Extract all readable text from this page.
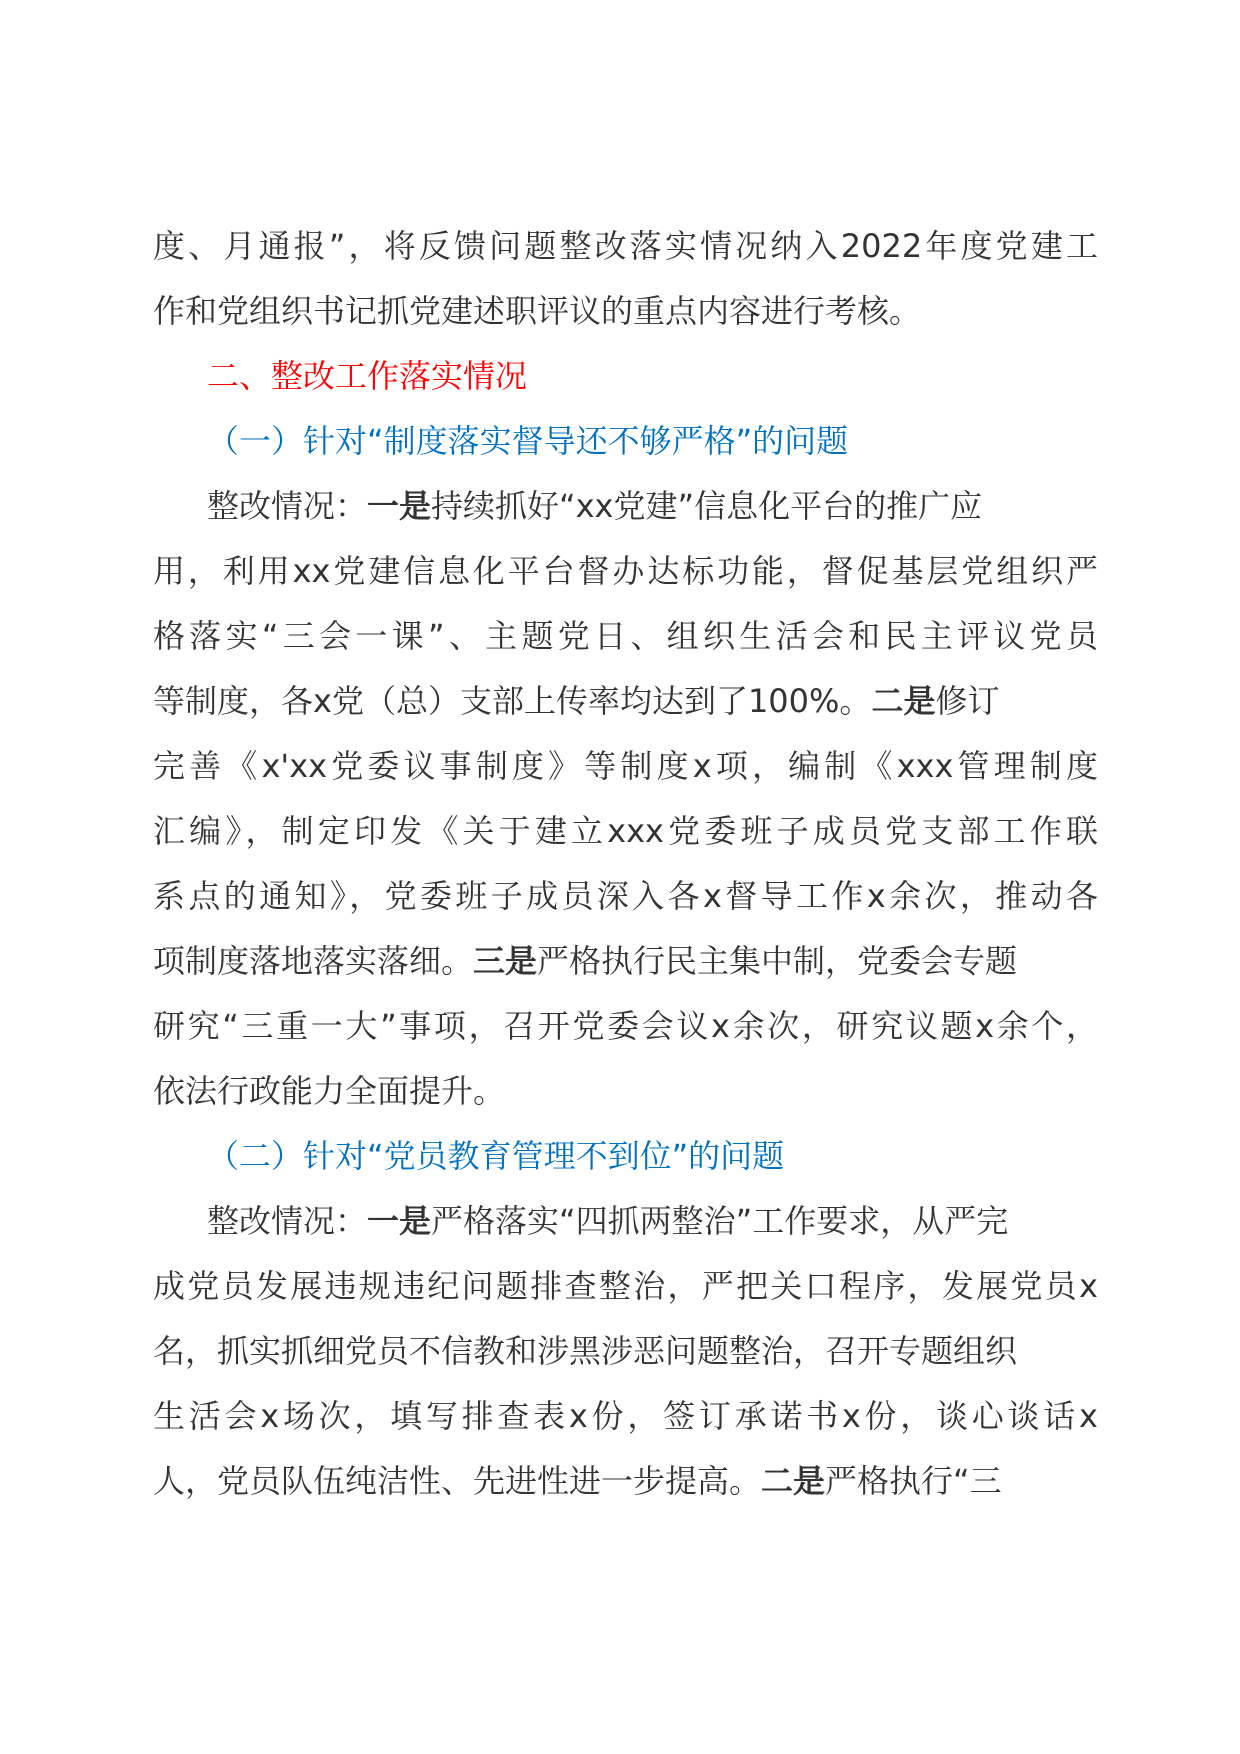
度、月通报”，将反馈问题整改落实情况纳入2022年度党建工
作和党组织书记抓党建述职评议的重点内容进行考核。
二、整改工作落实情况
（一）针对“制度落实督导还不够严格”的问题
整改情况：一是持续抓好“xx党建”信息化平台的推广应
用，利用xx党建信息化平台督办达标功能，督促基层党组织严
格落实“三会一课”、主题党日、组织生活会和民主评议党员
等制度，各x党（总）支部上传率均达到了100%。二是修订
完善《x'xx党委议事制度》等制度x项，编制《xxx管理制度
汇编》，制定印发《关于建立xxx党委班子成员党支部工作联
系点的通知》，党委班子成员深入各x督导工作x余次，推动各
项制度落地落实落细。三是严格执行民主集中制，党委会专题
研究“三重一大”事项，召开党委会议x余次，研究议题x余个，
依法行政能力全面提升。
（二）针对“党员教育管理不到位”的问题
整改情况：一是严格落实“四抓两整治”工作要求，从严完
成党员发展违规违纪问题排查整治，严把关口程序，发展党员x
名，抓实抓细党员不信教和涉黑涉恶问题整治，召开专题组织
生活会x场次，填写排查表x份，签订承诺书x份，谈心谈话x
人，党员队伍纯洁性、先进性进一步提高。二是严格执行“三
